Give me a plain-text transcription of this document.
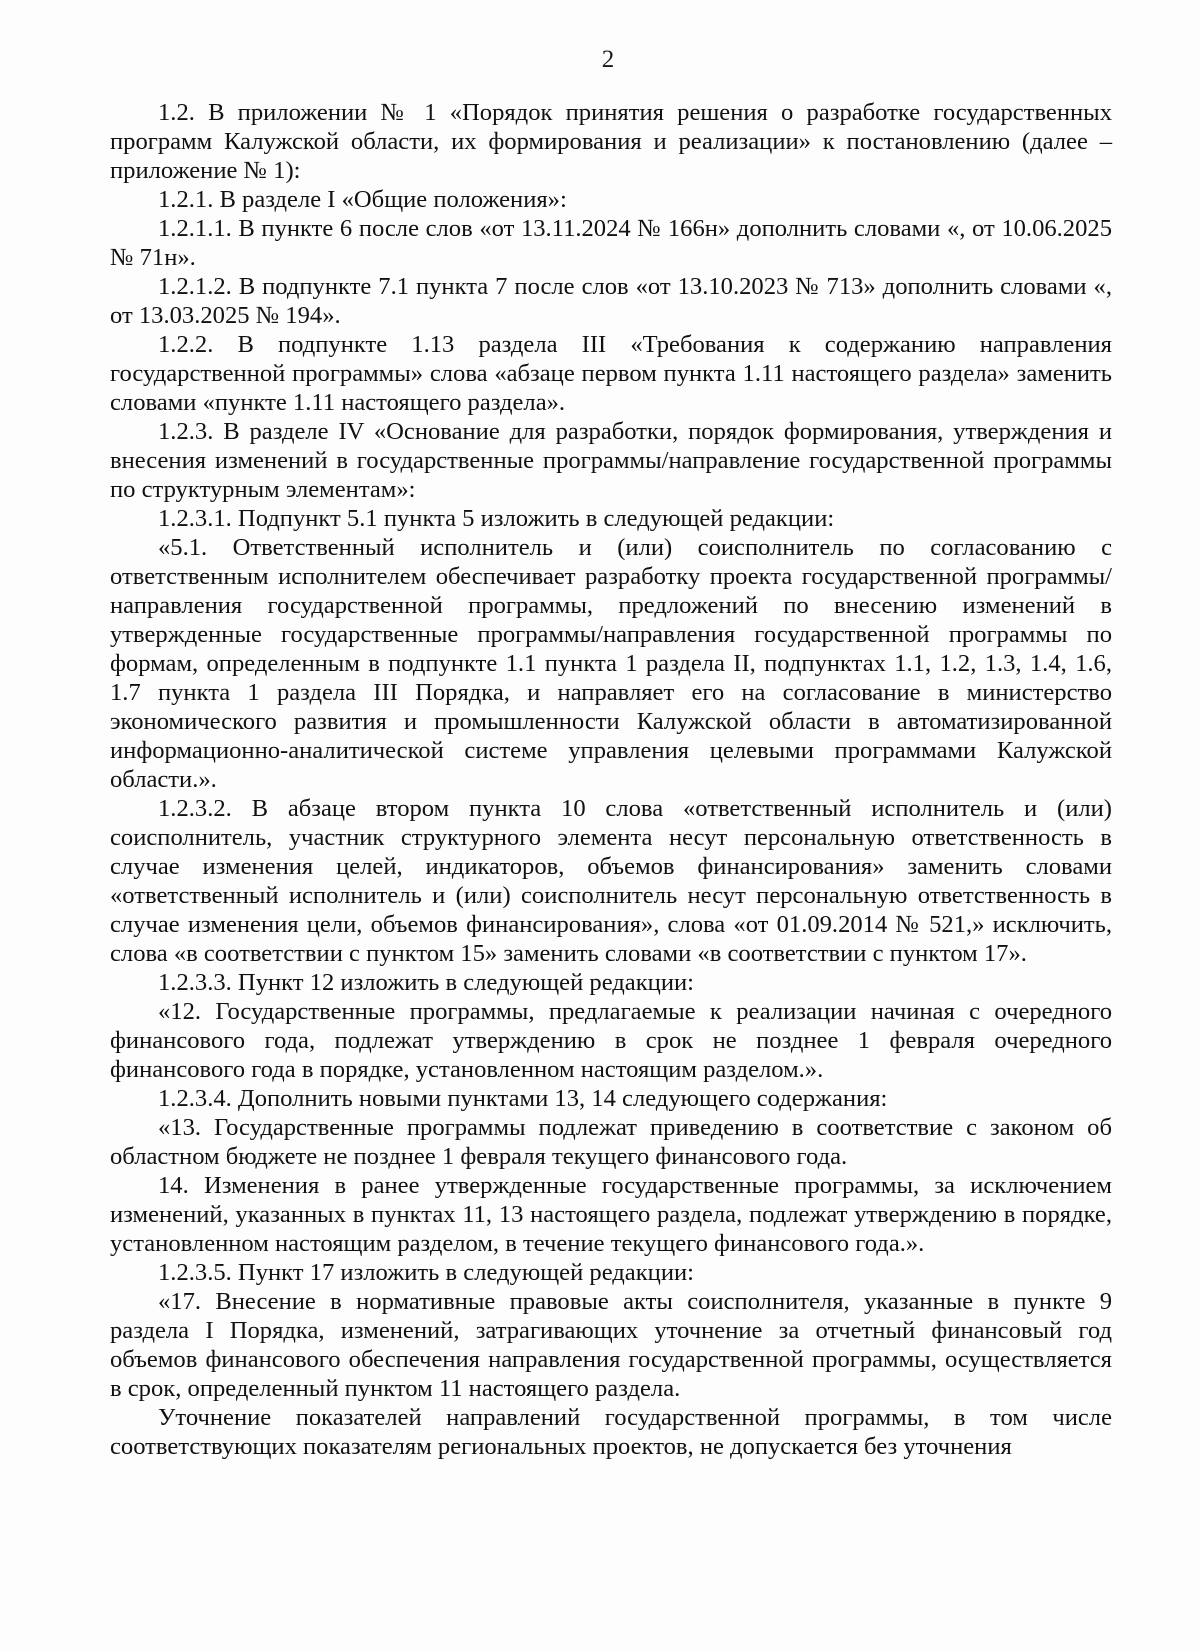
2

1.2. В приложении № 1 «Порядок принятия решения о разработке государственных программ Калужской области, их формирования и реализации» к постановлению (далее – приложение № 1):

1.2.1. В разделе I «Общие положения»:

1.2.1.1. В пункте 6 после слов «от 13.11.2024 № 166н» дополнить словами «, от 10.06.2025 № 71н».

1.2.1.2. В подпункте 7.1 пункта 7 после слов «от 13.10.2023 № 713» дополнить словами «, от 13.03.2025 № 194».

1.2.2. В подпункте 1.13 раздела III «Требования к содержанию направления государственной программы» слова «абзаце первом пункта 1.11 настоящего раздела» заменить словами «пункте 1.11 настоящего раздела».

1.2.3. В разделе IV «Основание для разработки, порядок формирования, утверждения и внесения изменений в государственные программы/направление государственной программы по структурным элементам»:

1.2.3.1. Подпункт 5.1 пункта 5 изложить в следующей редакции:

«5.1. Ответственный исполнитель и (или) соисполнитель по согласованию с ответственным исполнителем обеспечивает разработку проекта государственной программы/направления государственной программы, предложений по внесению изменений в утвержденные государственные программы/направления государственной программы по формам, определенным в подпункте 1.1 пункта 1 раздела II, подпунктах 1.1, 1.2, 1.3, 1.4, 1.6, 1.7 пункта 1 раздела III Порядка, и направляет его на согласование в министерство экономического развития и промышленности Калужской области в автоматизированной информационно-аналитической системе управления целевыми программами Калужской области.».

1.2.3.2. В абзаце втором пункта 10 слова «ответственный исполнитель и (или) соисполнитель, участник структурного элемента несут персональную ответственность в случае изменения целей, индикаторов, объемов финансирования» заменить словами «ответственный исполнитель и (или) соисполнитель несут персональную ответственность в случае изменения цели, объемов финансирования», слова «от 01.09.2014 № 521,» исключить, слова «в соответствии с пунктом 15» заменить словами «в соответствии с пунктом 17».

1.2.3.3. Пункт 12 изложить в следующей редакции:

«12. Государственные программы, предлагаемые к реализации начиная с очередного финансового года, подлежат утверждению в срок не позднее 1 февраля очередного финансового года в порядке, установленном настоящим разделом.».

1.2.3.4. Дополнить новыми пунктами 13, 14 следующего содержания:

«13. Государственные программы подлежат приведению в соответствие с законом об областном бюджете не позднее 1 февраля текущего финансового года.

14. Изменения в ранее утвержденные государственные программы, за исключением изменений, указанных в пунктах 11, 13 настоящего раздела, подлежат утверждению в порядке, установленном настоящим разделом, в течение текущего финансового года.».

1.2.3.5. Пункт 17 изложить в следующей редакции:

«17. Внесение в нормативные правовые акты соисполнителя, указанные в пункте 9 раздела I Порядка, изменений, затрагивающих уточнение за отчетный финансовый год объемов финансового обеспечения направления государственной программы, осуществляется в срок, определенный пунктом 11 настоящего раздела.

Уточнение показателей направлений государственной программы, в том числе соответствующих показателям региональных проектов, не допускается без уточнения
